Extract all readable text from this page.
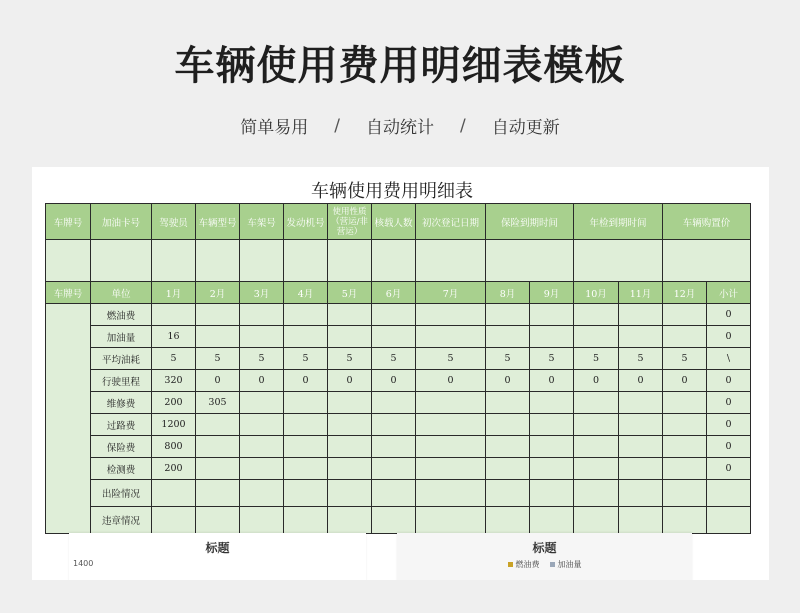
车辆使用费用明细表模板
简单易用 / 自动统计 / 自动更新
车辆使用费用明细表
车牌号	加油卡号	驾驶员	车辆型号	车架号	发动机号	使用性质（营运/非营运）	核载人数	初次登记日期	保险到期时间		年检到期时间		车辆购置价	

车牌号	单位	1月	2月	3月	4月	5月	6月	7月	8月	9月	10月	11月	12月	小计
	燃油费													0
	加油量	16												0
	平均油耗	5	5	5	5	5	5	5	5	5	5	5	5	\
	行驶里程	320	0	0	0	0	0	0	0	0	0	0	0	0
	维修费	200	305											0
	过路费	1200												0
	保险费	800												0
	检测费	200												0
	出险情况													
	违章情况													
标题
1400
标题
燃油费 加油量
